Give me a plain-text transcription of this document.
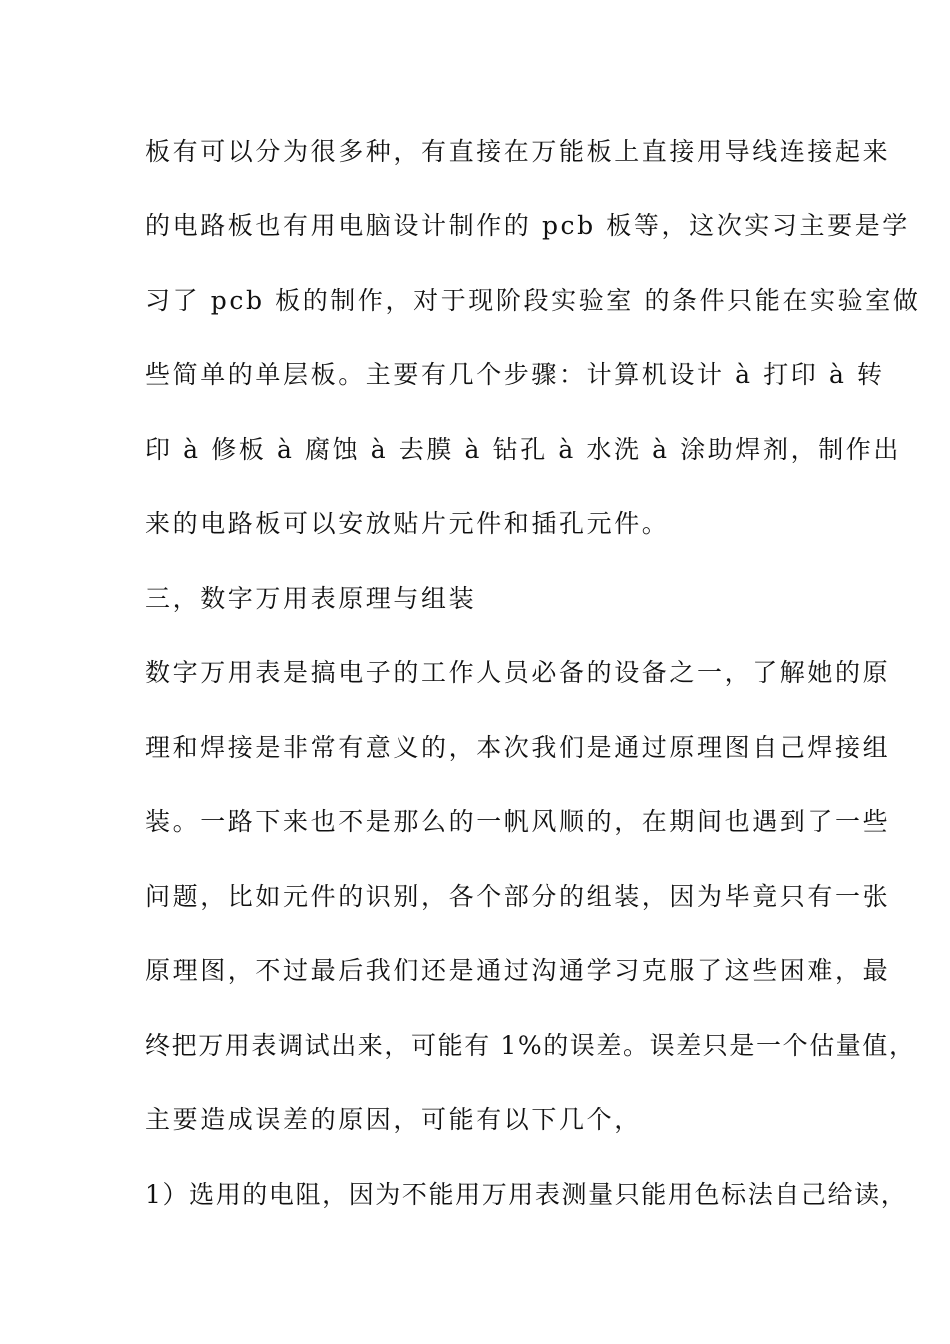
板有可以分为很多种，有直接在万能板上直接用导线连接起来
的电路板也有用电脑设计制作的 pcb 板等，这次实习主要是学
习了 pcb 板的制作，对于现阶段实验室 的条件只能在实验室做
些简单的单层板。主要有几个步骤：计算机设计 à 打印 à 转
印 à 修板 à 腐蚀 à 去膜 à 钻孔 à 水洗 à 涂助焊剂，制作出
来的电路板可以安放贴片元件和插孔元件。
三，数字万用表原理与组装
数字万用表是搞电子的工作人员必备的设备之一，了解她的原
理和焊接是非常有意义的，本次我们是通过原理图自己焊接组
装。一路下来也不是那么的一帆风顺的，在期间也遇到了一些
问题，比如元件的识别，各个部分的组装，因为毕竟只有一张
原理图，不过最后我们还是通过沟通学习克服了这些困难，最
终把万用表调试出来，可能有 1%的误差。误差只是一个估量值，
主要造成误差的原因，可能有以下几个，
1）选用的电阻，因为不能用万用表测量只能用色标法自己给读，
